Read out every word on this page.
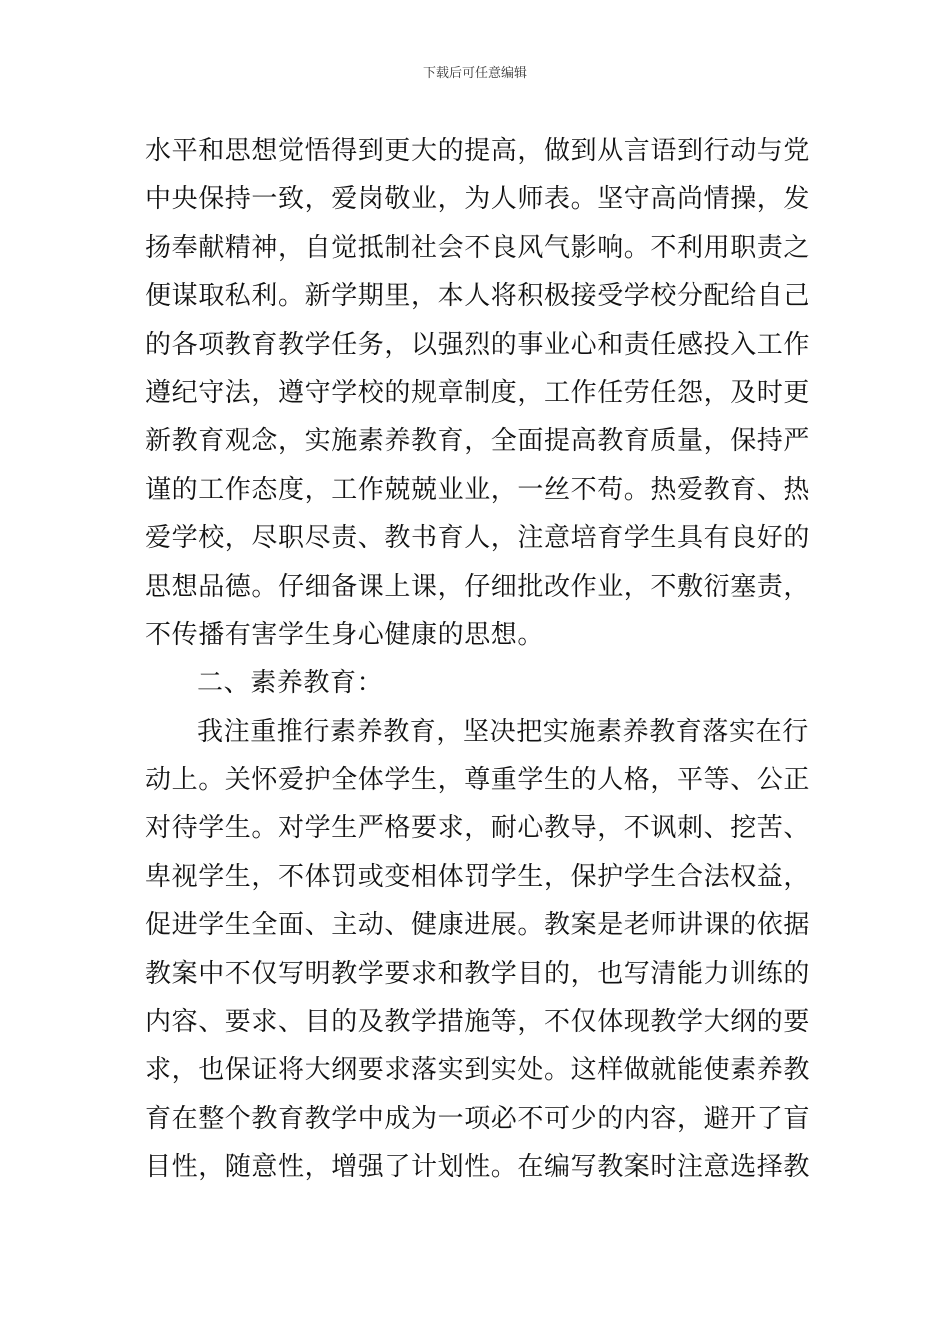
下载后可任意编辑
水平和思想觉悟得到更大的提高，做到从言语到行动与党
中央保持一致，爱岗敬业，为人师表。坚守高尚情操，发
扬奉献精神，自觉抵制社会不良风气影响。不利用职责之
便谋取私利。新学期里，本人将积极接受学校分配给自己
的各项教育教学任务，以强烈的事业心和责任感投入工作
遵纪守法，遵守学校的规章制度，工作任劳任怨，及时更
新教育观念，实施素养教育，全面提高教育质量，保持严
谨的工作态度，工作兢兢业业，一丝不苟。热爱教育、热
爱学校，尽职尽责、教书育人，注意培育学生具有良好的
思想品德。仔细备课上课，仔细批改作业，不敷衍塞责，
不传播有害学生身心健康的思想。
二、素养教育：
我注重推行素养教育，坚决把实施素养教育落实在行
动上。关怀爱护全体学生，尊重学生的人格，平等、公正
对待学生。对学生严格要求，耐心教导，不讽刺、挖苦、
卑视学生，不体罚或变相体罚学生，保护学生合法权益，
促进学生全面、主动、健康进展。教案是老师讲课的依据
教案中不仅写明教学要求和教学目的，也写清能力训练的
内容、要求、目的及教学措施等，不仅体现教学大纲的要
求，也保证将大纲要求落实到实处。这样做就能使素养教
育在整个教育教学中成为一项必不可少的内容，避开了盲
目性，随意性，增强了计划性。在编写教案时注意选择教
